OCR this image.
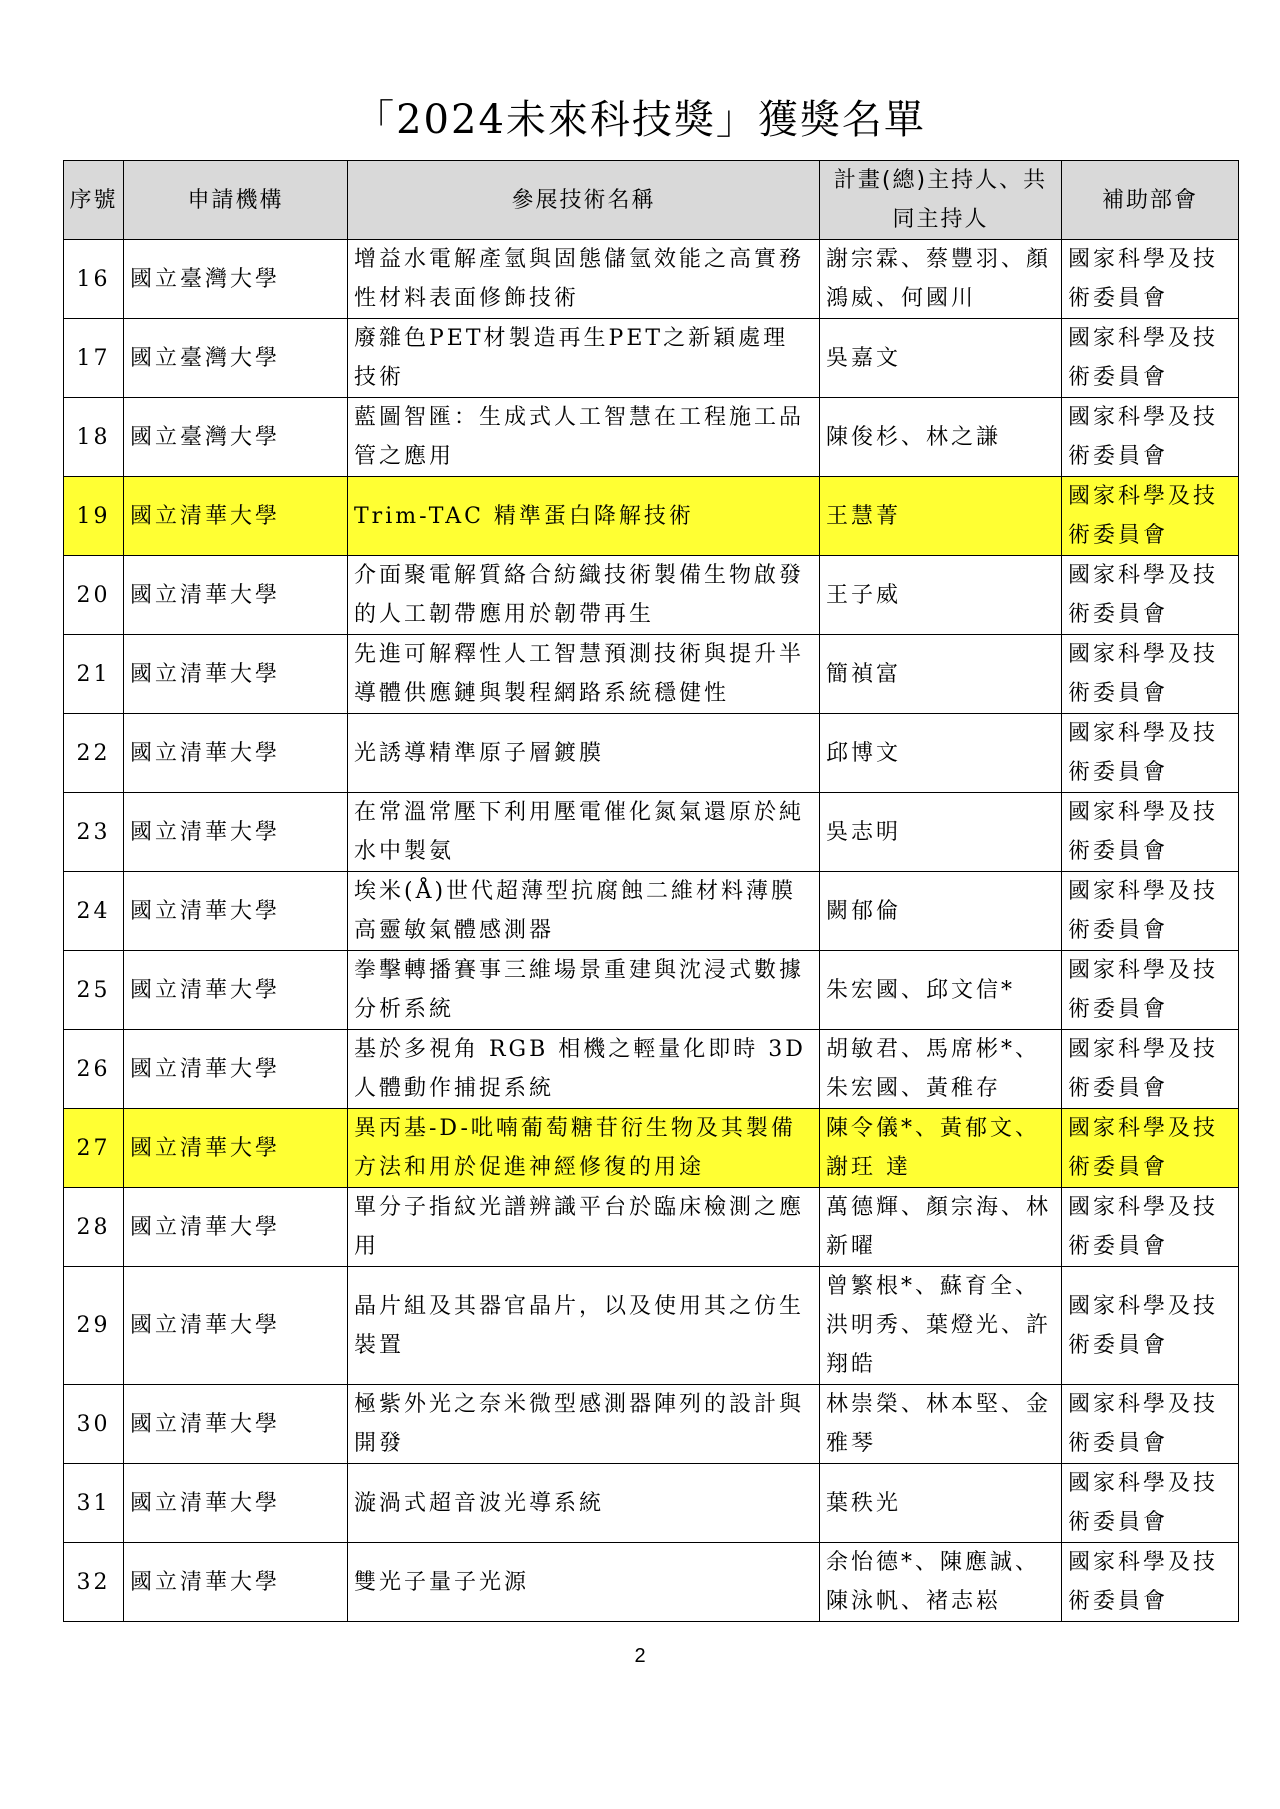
「2024未來科技獎」獲獎名單
序號	申請機構	參展技術名稱	計畫(總)主持人、共同主持人	補助部會
16	國立臺灣大學	增益水電解產氫與固態儲氫效能之高實務性材料表面修飾技術	謝宗霖、蔡豐羽、顏鴻威、何國川	國家科學及技術委員會
17	國立臺灣大學	廢雜色PET材製造再生PET之新穎處理技術	吳嘉文	國家科學及技術委員會
18	國立臺灣大學	藍圖智匯：生成式人工智慧在工程施工品管之應用	陳俊杉、林之謙	國家科學及技術委員會
19	國立清華大學	Trim-TAC 精準蛋白降解技術	王慧菁	國家科學及技術委員會
20	國立清華大學	介面聚電解質絡合紡織技術製備生物啟發的人工韌帶應用於韌帶再生	王子威	國家科學及技術委員會
21	國立清華大學	先進可解釋性人工智慧預測技術與提升半導體供應鏈與製程網路系統穩健性	簡禎富	國家科學及技術委員會
22	國立清華大學	光誘導精準原子層鍍膜	邱博文	國家科學及技術委員會
23	國立清華大學	在常溫常壓下利用壓電催化氮氣還原於純水中製氨	吳志明	國家科學及技術委員會
24	國立清華大學	埃米(Å)世代超薄型抗腐蝕二維材料薄膜高靈敏氣體感測器	闕郁倫	國家科學及技術委員會
25	國立清華大學	拳擊轉播賽事三維場景重建與沈浸式數據分析系統	朱宏國、邱文信*	國家科學及技術委員會
26	國立清華大學	基於多視角 RGB 相機之輕量化即時 3D 人體動作捕捉系統	胡敏君、馬席彬*、朱宏國、黃稚存	國家科學及技術委員會
27	國立清華大學	異丙基-D-吡喃葡萄糖苷衍生物及其製備方法和用於促進神經修復的用途	陳令儀*、黃郁文、謝玨 達	國家科學及技術委員會
28	國立清華大學	單分子指紋光譜辨識平台於臨床檢測之應用	萬德輝、顏宗海、林新曜	國家科學及技術委員會
29	國立清華大學	晶片組及其器官晶片，以及使用其之仿生裝置	曾繁根*、蘇育全、洪明秀、葉燈光、許翔皓	國家科學及技術委員會
30	國立清華大學	極紫外光之奈米微型感測器陣列的設計與開發	林崇榮、林本堅、金雅琴	國家科學及技術委員會
31	國立清華大學	漩渦式超音波光導系統	葉秩光	國家科學及技術委員會
32	國立清華大學	雙光子量子光源	余怡德*、陳應誠、陳泳帆、褚志崧	國家科學及技術委員會
2
